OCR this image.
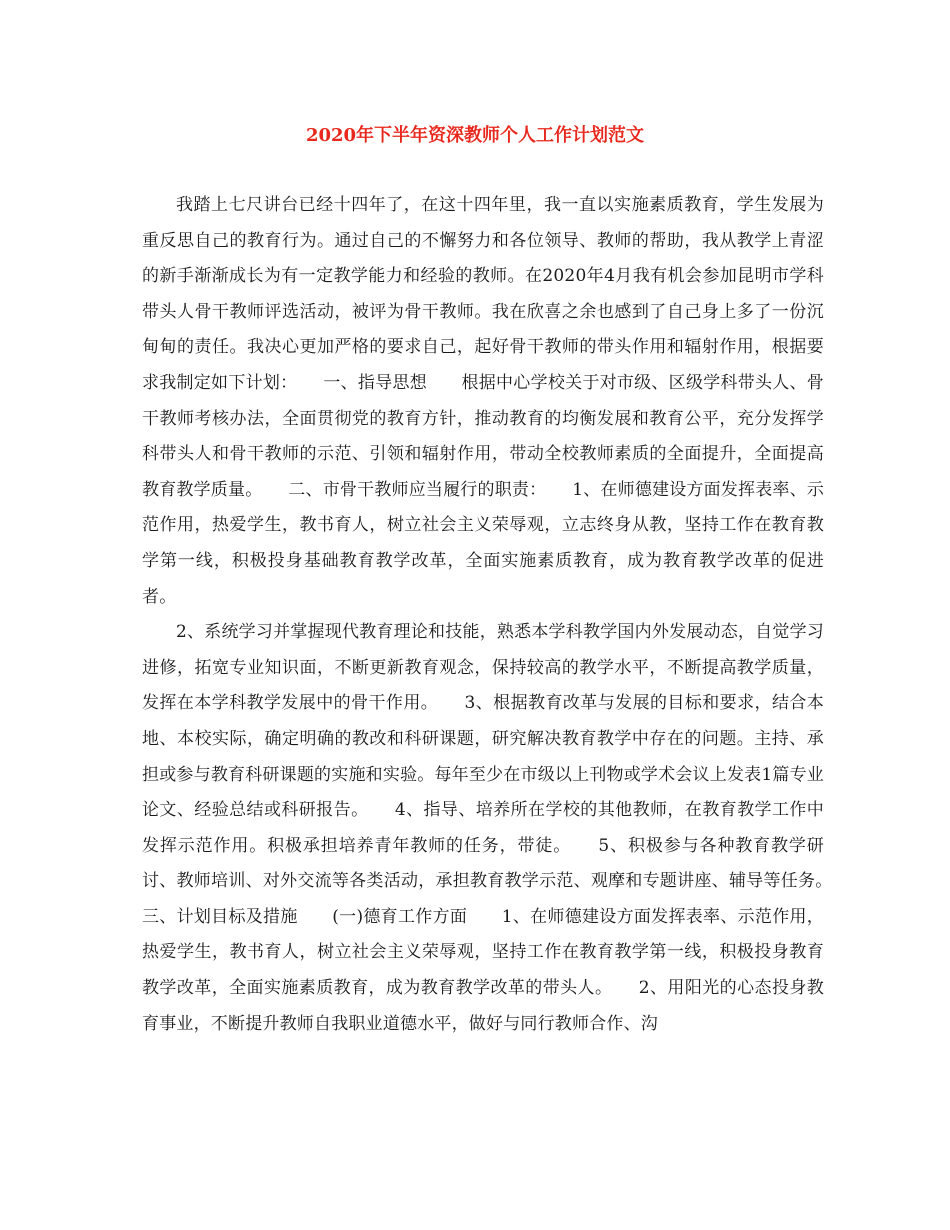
2020年下半年资深教师个人工作计划范文

我踏上七尺讲台已经十四年了，在这十四年里，我一直以实施素质教育，学生发展为重反思自己的教育行为。通过自己的不懈努力和各位领导、教师的帮助，我从教学上青涩的新手渐渐成长为有一定教学能力和经验的教师。在2020年4月我有机会参加昆明市学科带头人骨干教师评选活动，被评为骨干教师。我在欣喜之余也感到了自己身上多了一份沉甸甸的责任。我决心更加严格的要求自己，起好骨干教师的带头作用和辐射作用，根据要求我制定如下计划：　　一、指导思想　　根据中心学校关于对市级、区级学科带头人、骨干教师考核办法，全面贯彻党的教育方针，推动教育的均衡发展和教育公平，充分发挥学科带头人和骨干教师的示范、引领和辐射作用，带动全校教师素质的全面提升，全面提高教育教学质量。　　二、市骨干教师应当履行的职责：　　1、在师德建设方面发挥表率、示范作用，热爱学生，教书育人，树立社会主义荣辱观，立志终身从教，坚持工作在教育教学第一线，积极投身基础教育教学改革，全面实施素质教育，成为教育教学改革的促进者。

2、系统学习并掌握现代教育理论和技能，熟悉本学科教学国内外发展动态，自觉学习进修，拓宽专业知识面，不断更新教育观念，保持较高的教学水平，不断提高教学质量，发挥在本学科教学发展中的骨干作用。　　3、根据教育改革与发展的目标和要求，结合本地、本校实际，确定明确的教改和科研课题，研究解决教育教学中存在的问题。主持、承担或参与教育科研课题的实施和实验。每年至少在市级以上刊物或学术会议上发表1篇专业论文、经验总结或科研报告。　　4、指导、培养所在学校的其他教师，在教育教学工作中发挥示范作用。积极承担培养青年教师的任务，带徒。　　5、积极参与各种教育教学研讨、教师培训、对外交流等各类活动，承担教育教学示范、观摩和专题讲座、辅导等任务。　　三、计划目标及措施　　(一)德育工作方面　　1、在师德建设方面发挥表率、示范作用，热爱学生，教书育人，树立社会主义荣辱观，坚持工作在教育教学第一线，积极投身教育教学改革，全面实施素质教育，成为教育教学改革的带头人。　　2、用阳光的心态投身教育事业，不断提升教师自我职业道德水平，做好与同行教师合作、沟
